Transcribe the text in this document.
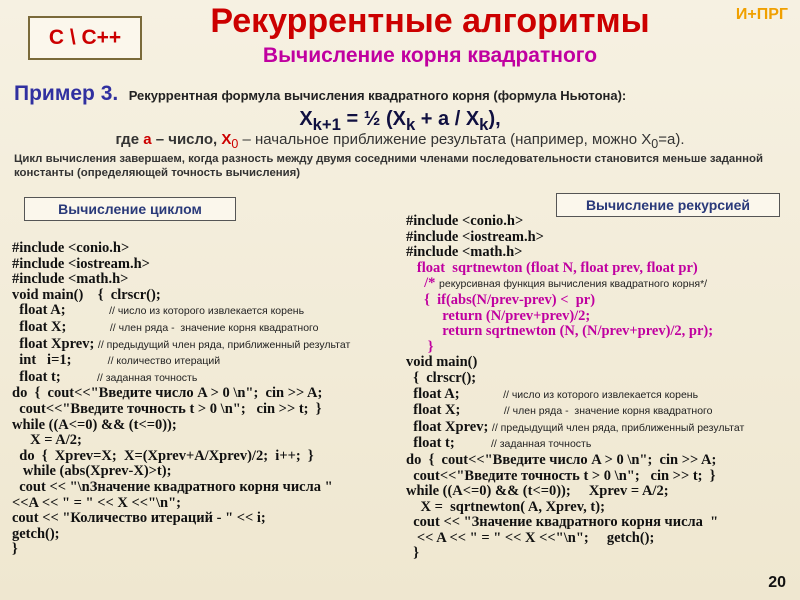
C \ C++
И+ПРГ
Рекуррентные алгоритмы
Вычисление корня квадратного
Пример 3. Рекуррентная формула вычисления квадратного корня (формула Ньютона):
$X_{k+1}$ = ½ $(X_k + a / X_k)$,
где a – число, $X_0$ – начальное приближение результата (например, можно $X_0=a$).
Цикл вычисления завершаем, когда разность между двумя соседними членами последовательности становится меньше заданной константы (определяющей точность вычисления)
Вычисление циклом	Вычисление рекурсией
#include <conio.h>
#include <iostream.h>
#include <math.h>
void main()    {  clrscr();
float A;            // число из которого извлекается корень
float X;            // член ряда -  значение корня квадратного
float Xprev; // предыдущий член ряда, приближенный результат
int   i=1;          // количество итераций
float t;          // заданная точность
do  {  cout<<"Введите число A > 0 \n";  cin >> A;
cout<<"Введите точность t > 0 \n";   cin >> t;  }
while ((A<=0) && (t<=0));
X = A/2;
do  {  Xprev=X;  X=(Xprev+A/Xprev)/2;  i++;  }
while (abs(Xprev-X)>t);
cout << "\nЗначение квадратного корня числа "
<<A << " = " << X <<"\n";
cout << "Количество итераций - " << i;
getch();
}
#include <conio.h>
#include <iostream.h>
#include <math.h>
float  sqrtnewton (float N, float prev, float pr)
/* рекурсивная функция вычисления квадратного корня*/
{  if(abs(N/prev-prev) <  pr)
return (N/prev+prev)/2;
return sqrtnewton (N, (N/prev+prev)/2, pr);
}
void main()
{  clrscr();
float A;            // число из которого извлекается корень
float X;            // член ряда -  значение корня квадратного
float Xprev; // предыдущий член ряда, приближенный результат
float t;          // заданная точность
do  {  cout<<"Введите число A > 0 \n";  cin >> A;
cout<<"Введите точность t > 0 \n";   cin >> t;  }
while ((A<=0) && (t<=0));     Xprev = A/2;
X =  sqrtnewton( A, Xprev, t);
cout << "Значение квадратного корня числа  "
<< A << " = " << X <<"\n";     getch();
}
20
